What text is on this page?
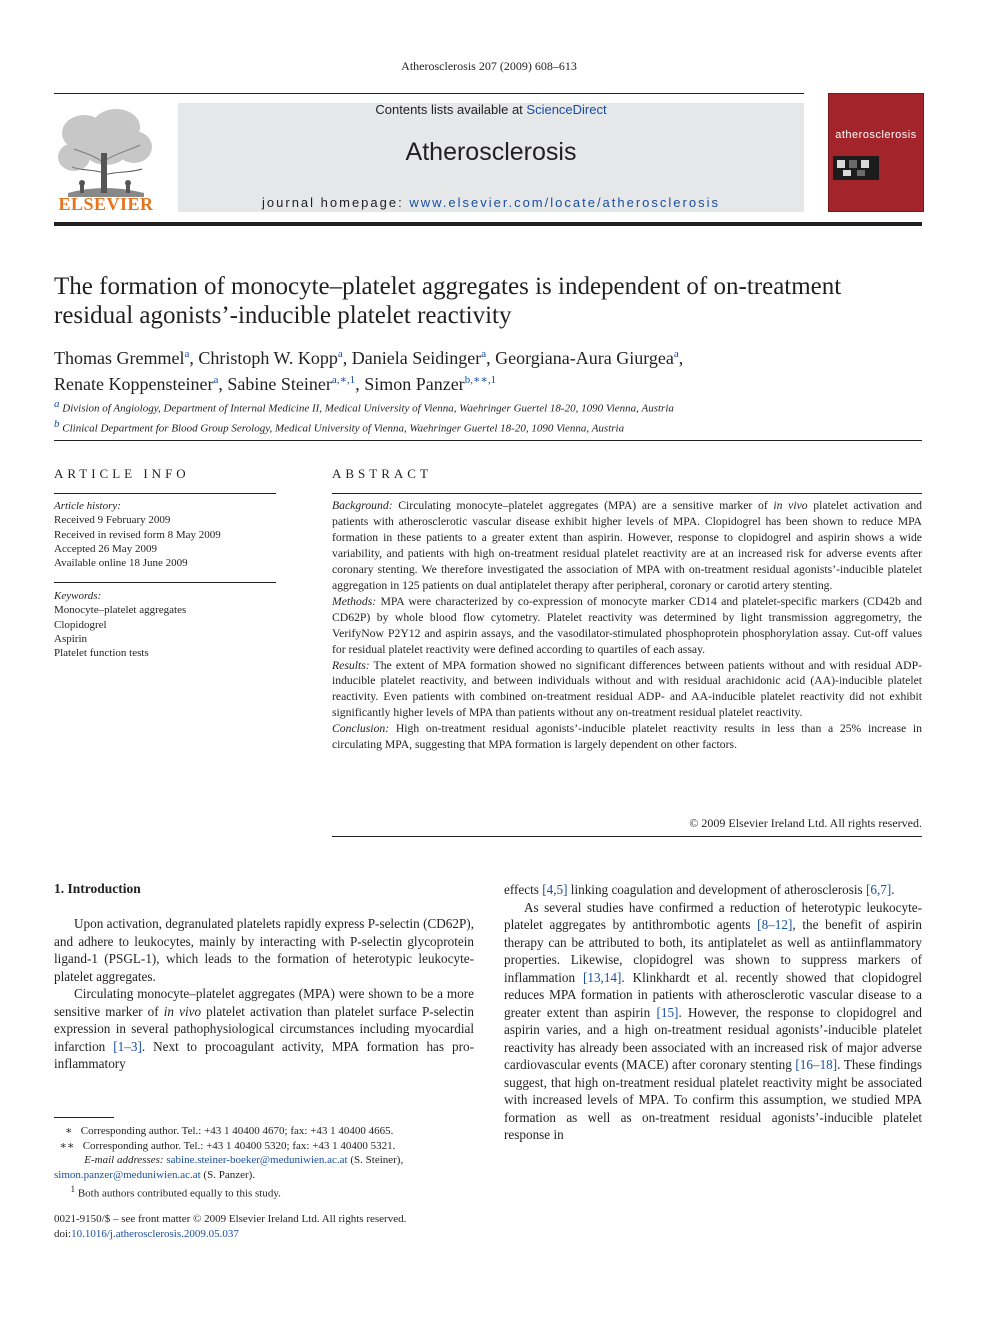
Atherosclerosis 207 (2009) 608–613
ELSEVIER
Contents lists available at ScienceDirect
Atherosclerosis
journal homepage: www.elsevier.com/locate/atherosclerosis
atherosclerosis
The formation of monocyte–platelet aggregates is independent of on-treatment
residual agonists’-inducible platelet reactivity
Thomas Gremmel$^a$, Christoph W. Kopp$^a$, Daniela Seidinger$^a$, Georgiana-Aura Giurgea$^a$,
Renate Koppensteiner$^a$, Sabine Steiner$^{a,∗,1}$, Simon Panzer$^{b,∗∗,1}$
$^a$ Division of Angiology, Department of Internal Medicine II, Medical University of Vienna, Waehringer Guertel 18-20, 1090 Vienna, Austria
$^b$ Clinical Department for Blood Group Serology, Medical University of Vienna, Waehringer Guertel 18-20, 1090 Vienna, Austria
ARTICLE INFO
Article history:
Received 9 February 2009
Received in revised form 8 May 2009
Accepted 26 May 2009
Available online 18 June 2009
Keywords:
Monocyte–platelet aggregates
Clopidogrel
Aspirin
Platelet function tests
ABSTRACT

Background: Circulating monocyte–platelet aggregates (MPA) are a sensitive marker of in vivo platelet activation and patients with atherosclerotic vascular disease exhibit higher levels of MPA. Clopidogrel has been shown to reduce MPA formation in these patients to a greater extent than aspirin. However, response to clopidogrel and aspirin shows a wide variability, and patients with high on-treatment residual platelet reactivity are at an increased risk for adverse events after coronary stenting. We therefore investigated the association of MPA with on-treatment residual agonists’-inducible platelet aggregation in 125 patients on dual antiplatelet therapy after peripheral, coronary or carotid artery stenting.

Methods: MPA were characterized by co-expression of monocyte marker CD14 and platelet-specific markers (CD42b and CD62P) by whole blood flow cytometry. Platelet reactivity was determined by light transmission aggregometry, the VerifyNow P2Y12 and aspirin assays, and the vasodilator-stimulated phosphoprotein phosphorylation assay. Cut-off values for residual platelet reactivity were defined according to quartiles of each assay.

Results: The extent of MPA formation showed no significant differences between patients without and with residual ADP-inducible platelet reactivity, and between individuals without and with residual arachidonic acid (AA)-inducible platelet reactivity. Even patients with combined on-treatment residual ADP- and AA-inducible platelet reactivity did not exhibit significantly higher levels of MPA than patients without any on-treatment residual platelet reactivity.

Conclusion: High on-treatment residual agonists’-inducible platelet reactivity results in less than a 25% increase in circulating MPA, suggesting that MPA formation is largely dependent on other factors.

© 2009 Elsevier Ireland Ltd. All rights reserved.
1. Introduction

Upon activation, degranulated platelets rapidly express P-selectin (CD62P), and adhere to leukocytes, mainly by interacting with P-selectin glycoprotein ligand-1 (PSGL-1), which leads to the formation of heterotypic leukocyte-platelet aggregates.

Circulating monocyte–platelet aggregates (MPA) were shown to be a more sensitive marker of in vivo platelet activation than platelet surface P-selectin expression in several pathophysiological circumstances including myocardial infarction [1–3]. Next to procoagulant activity, MPA formation has pro-inflammatory

effects [4,5] linking coagulation and development of atherosclerosis [6,7].

As several studies have confirmed a reduction of heterotypic leukocyte-platelet aggregates by antithrombotic agents [8–12], the benefit of aspirin therapy can be attributed to both, its antiplatelet as well as antiinflammatory properties. Likewise, clopidogrel was shown to suppress markers of inflammation [13,14]. Klinkhardt et al. recently showed that clopidogrel reduces MPA formation in patients with atherosclerotic vascular disease to a greater extent than aspirin [15]. However, the response to clopidogrel and aspirin varies, and a high on-treatment residual agonists’-inducible platelet reactivity has already been associated with an increased risk of major adverse cardiovascular events (MACE) after coronary stenting [16–18]. These findings suggest, that high on-treatment residual platelet reactivity might be associated with increased levels of MPA. To confirm this assumption, we studied MPA formation as well as on-treatment residual agonists’-inducible platelet response in

∗ Corresponding author. Tel.: +43 1 40400 4670; fax: +43 1 40400 4665.
∗∗ Corresponding author. Tel.: +43 1 40400 5320; fax: +43 1 40400 5321.
E-mail addresses: sabine.steiner-boeker@meduniwien.ac.at (S. Steiner),
simon.panzer@meduniwien.ac.at (S. Panzer).
$^1$ Both authors contributed equally to this study.
0021-9150/$ – see front matter © 2009 Elsevier Ireland Ltd. All rights reserved.
doi:10.1016/j.atherosclerosis.2009.05.037
